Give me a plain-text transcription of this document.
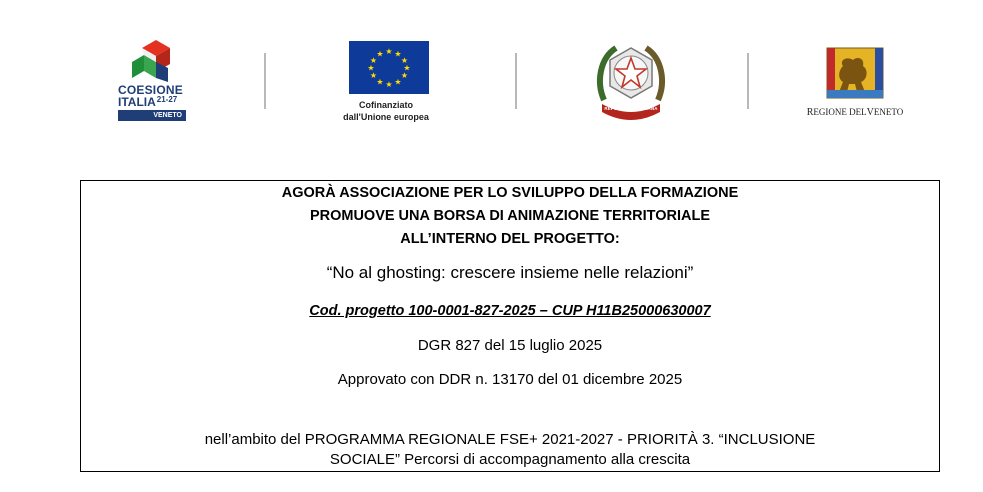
COESIONE
ITALIA$^{21-27}$
VENETO
★ ★
★
★
★
★
★
★
★
★
★
★
Cofinanziato
dall'Unione europea
REPUBBLICA ITALIANA	REGIONE DELVENETO
AGORÀ ASSOCIAZIONE PER LO SVILUPPO DELLA FORMAZIONE
PROMUOVE UNA BORSA DI ANIMAZIONE TERRITORIALE
ALL’INTERNO DEL PROGETTO:
“No al ghosting: crescere insieme nelle relazioni”
Cod. progetto 100-0001-827-2025 – CUP H11B25000630007
DGR 827 del 15 luglio 2025
Approvato con DDR n. 13170 del 01 dicembre 2025
nell’ambito del PROGRAMMA REGIONALE FSE+ 2021-2027 - PRIORITÀ 3. “INCLUSIONE
SOCIALE” Percorsi di accompagnamento alla crescita
